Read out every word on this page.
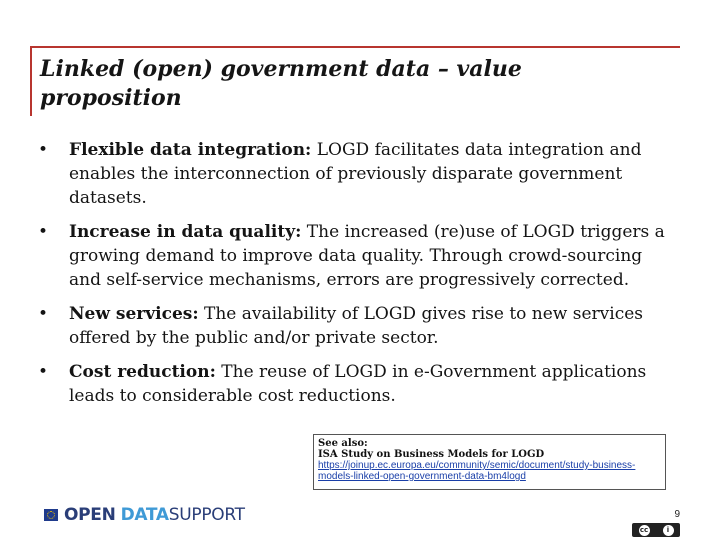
Linked (open) government data – value proposition
• Flexible data integration: LOGD facilitates data integration and enables the interconnection of previously disparate government datasets.
• Increase in data quality: The increased (re)use of LOGD triggers a growing demand to improve data quality. Through crowd-sourcing and self-service mechanisms, errors are progressively corrected.
• New services: The availability of LOGD gives rise to new services offered by the public and/or private sector.
• Cost reduction: The reuse of LOGD in e-Government applications leads to considerable cost reductions.
See also:
ISA Study on Business Models for LOGD
https://joinup.ec.europa.eu/community/semic/document/study-business-models-linked-open-government-data-bm4logd
OPEN DATA SUPPORT	9
cc	i
